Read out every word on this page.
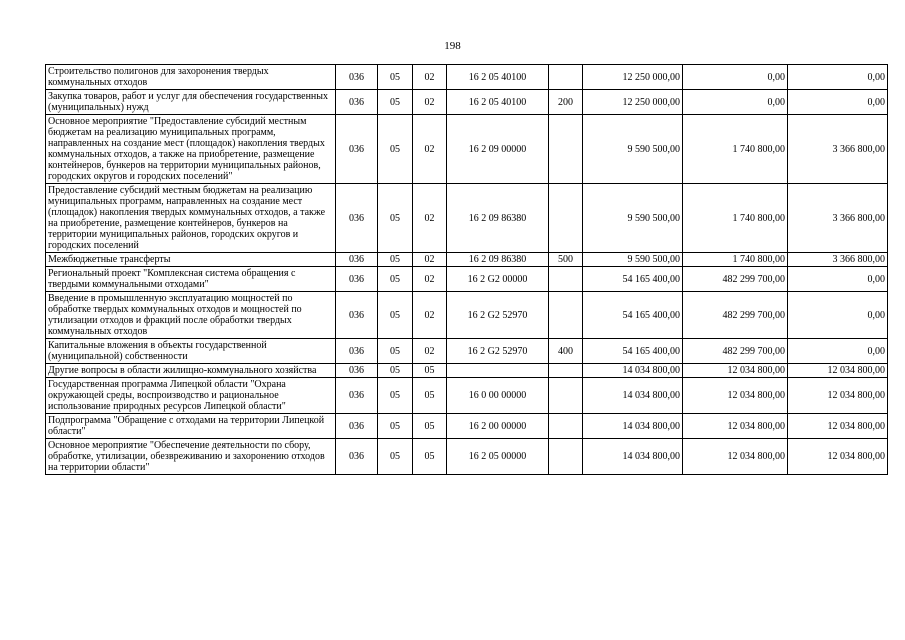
198
Строительство полигонов для захоронения твердых коммунальных отходов	036	05	02	16 2 05 40100		12 250 000,00	0,00	0,00
Закупка товаров, работ и услуг для обеспечения государственных (муниципальных) нужд	036	05	02	16 2 05 40100	200	12 250 000,00	0,00	0,00
Основное мероприятие "Предоставление субсидий местным бюджетам на реализацию муниципальных программ, направленных на создание мест (площадок) накопления твердых коммунальных отходов, а также на приобретение, размещение контейнеров, бункеров на территории муниципальных районов, городских округов и городских поселений"	036	05	02	16 2 09 00000		9 590 500,00	1 740 800,00	3 366 800,00
Предоставление субсидий местным бюджетам на реализацию муниципальных программ, направленных на создание мест (площадок) накопления твердых коммунальных отходов, а также на приобретение, размещение контейнеров, бункеров на территории муниципальных районов, городских округов и городских поселений	036	05	02	16 2 09 86380		9 590 500,00	1 740 800,00	3 366 800,00
Межбюджетные трансферты	036	05	02	16 2 09 86380	500	9 590 500,00	1 740 800,00	3 366 800,00
Региональный проект "Комплексная система обращения с твердыми коммунальными отходами"	036	05	02	16 2 G2 00000		54 165 400,00	482 299 700,00	0,00
Введение в промышленную эксплуатацию мощностей по обработке твердых коммунальных отходов и мощностей по утилизации отходов и фракций после обработки твердых коммунальных отходов	036	05	02	16 2 G2 52970		54 165 400,00	482 299 700,00	0,00
Капитальные вложения в объекты государственной (муниципальной) собственности	036	05	02	16 2 G2 52970	400	54 165 400,00	482 299 700,00	0,00
Другие вопросы в области жилищно-коммунального хозяйства	036	05	05			14 034 800,00	12 034 800,00	12 034 800,00
Государственная программа Липецкой области "Охрана окружающей среды, воспроизводство и рациональное использование природных ресурсов Липецкой области"	036	05	05	16 0 00 00000		14 034 800,00	12 034 800,00	12 034 800,00
Подпрограмма "Обращение с отходами на территории Липецкой области"	036	05	05	16 2 00 00000		14 034 800,00	12 034 800,00	12 034 800,00
Основное мероприятие "Обеспечение деятельности по сбору, обработке, утилизации, обезвреживанию и захоронению отходов на территории области"	036	05	05	16 2 05 00000		14 034 800,00	12 034 800,00	12 034 800,00
